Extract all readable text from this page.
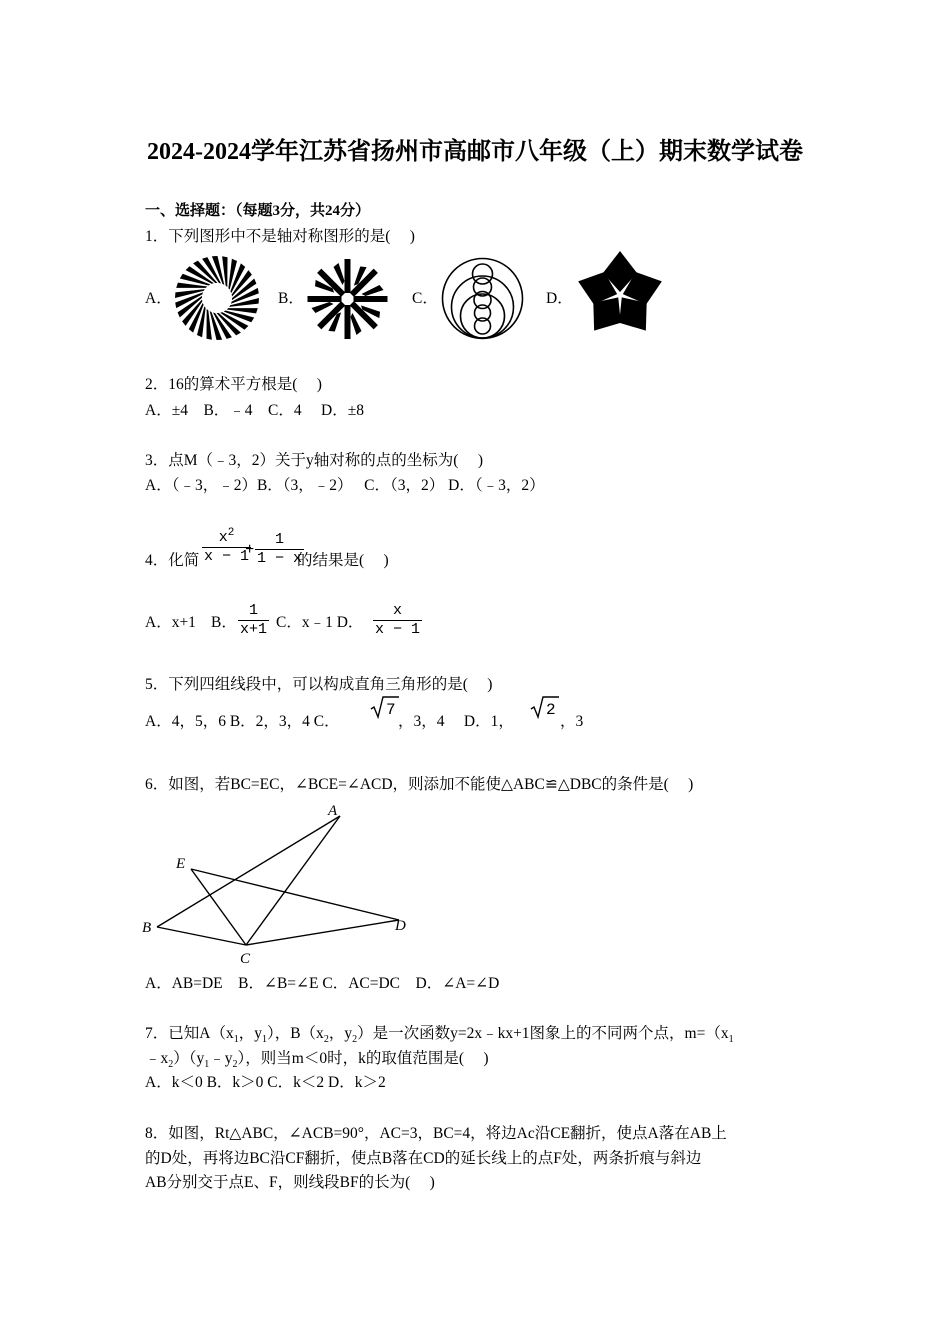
2024-2024学年江苏省扬州市高邮市八年级（上）期末数学试卷
一、选择题：（每题3分，共24分）
1．下列图形中不是轴对称图形的是(　 )
A．	B．	C．	D．
2．16的算术平方根是(　 )
A．±4　B．﹣4　C．4　 D．±8
3．点M（﹣3，2）关于y轴对称的点的坐标为(　 )
A．（﹣3，﹣2）B．（3，﹣2）　 C．（3，2） D．（﹣3，2）
4．化简 $\frac{x^2}{x - 1}$
+ $\frac{1}{1 - x}$
的结果是(　 )
A．x+1 B． $\frac{1}{x+1}$ C．x﹣1 D． $\frac{x}{x - 1}$
5．下列四组线段中，可以构成直角三角形的是(　 )
A．4，5，6 B．2，3，4 C．
7
，3，4　 D．1，
2
，3
6．如图，若BC=EC，∠BCE=∠ACD，则添加不能使△ABC≌△DBC的条件是(　 )
A
E
B
C
D
A．AB=DE　B．∠B=∠E C．AC=DC　D．∠A=∠D
7．已知$A(x_1$，$y_1$），$B(x_2$，$y_2$）是一次函数y=2x﹣kx+1图象上的不同两个点，$m=(x_1$
$﹣x_2)(y_1﹣y_2)$，则当m＜0时，k的取值范围是(　 )
A．k＜0 B．k＞0 C．k＜2 D．k＞2
8．如图，Rt△ABC，∠ACB=90°，AC=3，BC=4，将边Ac沿CE翻折，使点A落在AB上
的D处，再将边BC沿CF翻折，使点B落在CD的延长线上的点F处，两条折痕与斜边
AB分别交于点E、F，则线段BF的长为(　 )
